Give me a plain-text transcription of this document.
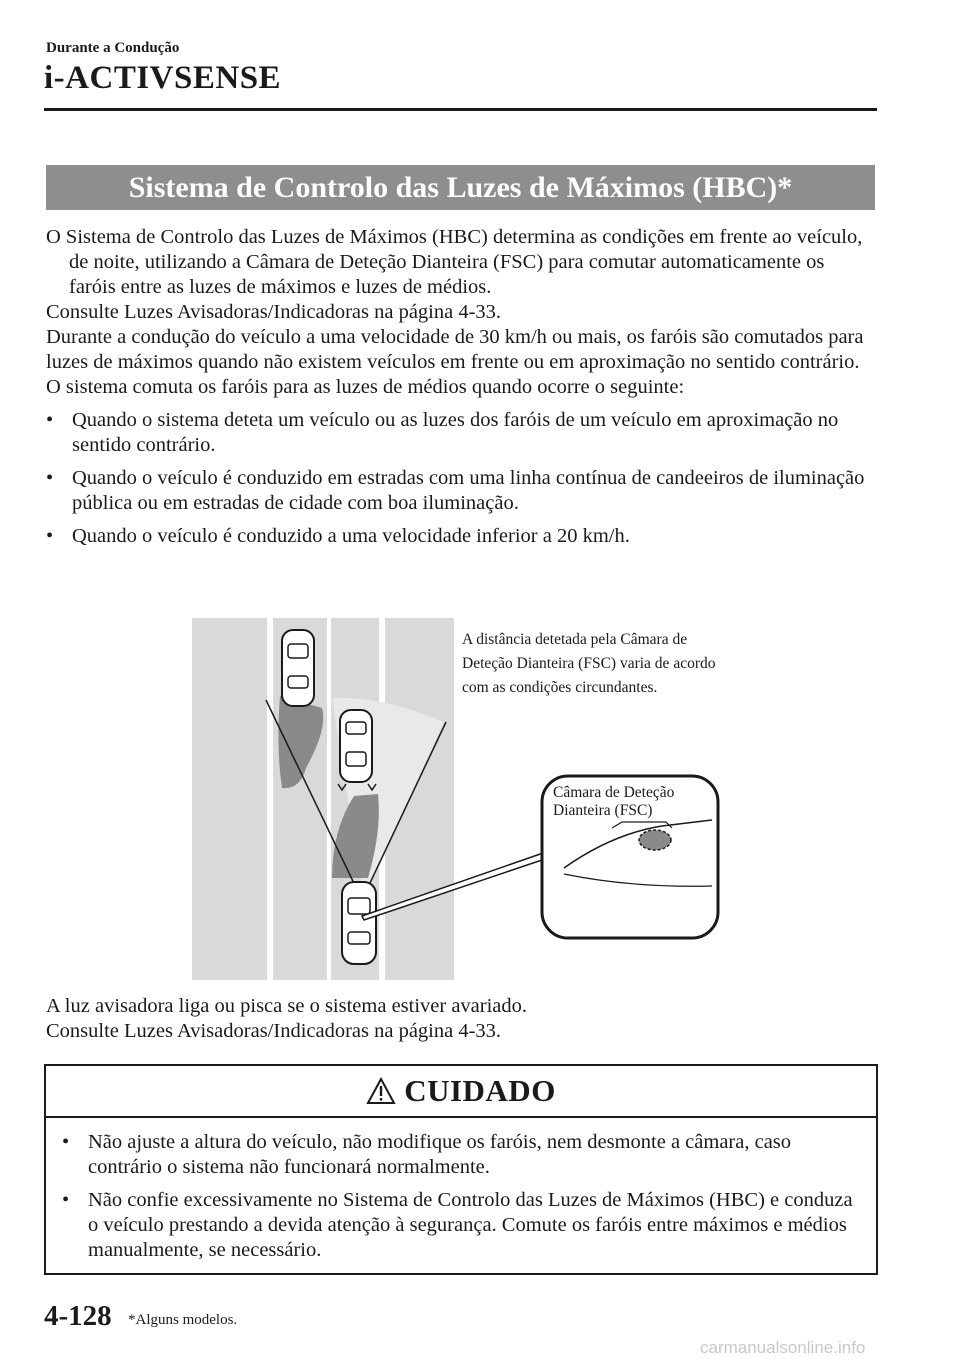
Durante a Condução
i-ACTIVSENSE
Sistema de Controlo das Luzes de Máximos (HBC)*

O Sistema de Controlo das Luzes de Máximos (HBC) determina as condições em frente ao veículo, de noite, utilizando a Câmara de Deteção Dianteira (FSC) para comutar automaticamente os faróis entre as luzes de máximos e luzes de médios.

Consulte Luzes Avisadoras/Indicadoras na página 4-33.

Durante a condução do veículo a uma velocidade de 30 km/h ou mais, os faróis são comutados para luzes de máximos quando não existem veículos em frente ou em aproximação no sentido contrário.

O sistema comuta os faróis para as luzes de médios quando ocorre o seguinte:

• Quando o sistema deteta um veículo ou as luzes dos faróis de um veículo em aproximação no sentido contrário.
• Quando o veículo é conduzido em estradas com uma linha contínua de candeeiros de iluminação pública ou em estradas de cidade com boa iluminação.
• Quando o veículo é conduzido a uma velocidade inferior a 20 km/h.
A distância detetada pela Câmara de Deteção Dianteira (FSC) varia de acordo com as condições circundantes.
Câmara de Deteção Dianteira (FSC)

A luz avisadora liga ou pisca se o sistema estiver avariado.

Consulte Luzes Avisadoras/Indicadoras na página 4-33.

CUIDADO
• Não ajuste a altura do veículo, não modifique os faróis, nem desmonte a câmara, caso contrário o sistema não funcionará normalmente.
• Não confie excessivamente no Sistema de Controlo das Luzes de Máximos (HBC) e conduza o veículo prestando a devida atenção à segurança. Comute os faróis entre máximos e médios manualmente, se necessário.
4-128 *Alguns modelos.
carmanualsonline.info
